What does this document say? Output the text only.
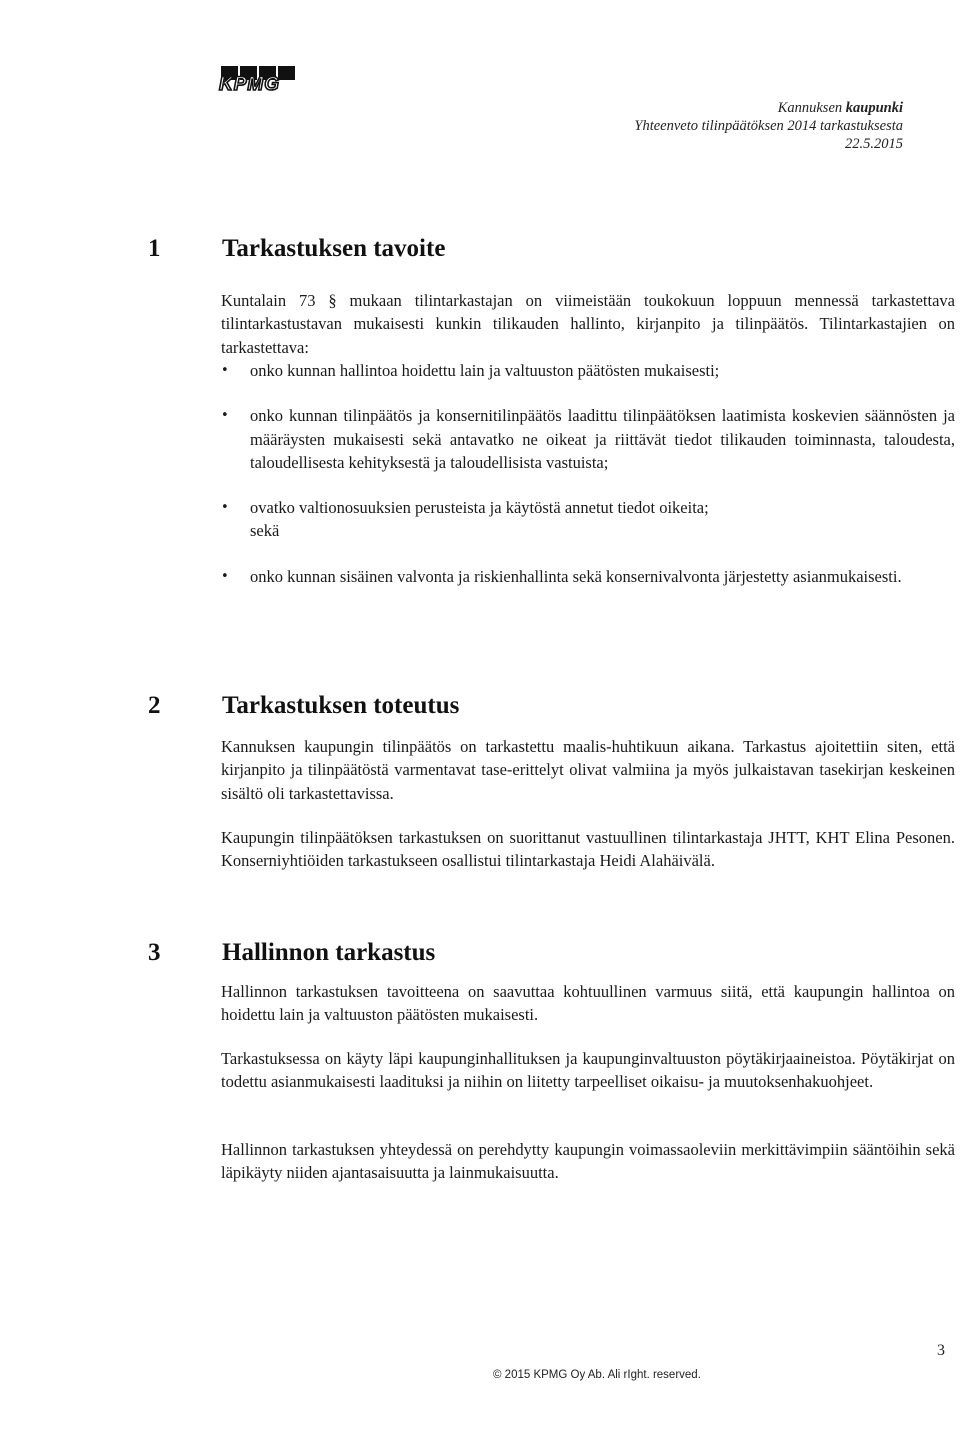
KPMG
Kannuksen kaupunki
Yhteenveto tilinpäätöksen 2014 tarkastuksesta
22.5.2015
1 Tarkastuksen tavoite
Kuntalain 73 § mukaan tilintarkastajan on viimeistään toukokuun loppuun mennessä tarkastettava tilintarkastustavan mukaisesti kunkin tilikauden hallinto, kirjanpito ja tilinpäätös. Tilintarkastajien on tarkastettava:
• onko kunnan hallintoa hoidettu lain ja valtuuston päätösten mukaisesti;
• onko kunnan tilinpäätös ja konsernitilinpäätös laadittu tilinpäätöksen laatimista koskevien säännösten ja määräysten mukaisesti sekä antavatko ne oikeat ja riittävät tiedot tilikauden toiminnasta, taloudesta, taloudellisesta kehityksestä ja taloudellisista vastuista;
• ovatko valtionosuuksien perusteista ja käytöstä annetut tiedot oikeita;
sekä
• onko kunnan sisäinen valvonta ja riskienhallinta sekä konsernivalvonta järjestetty asianmukaisesti.
2 Tarkastuksen toteutus
Kannuksen kaupungin tilinpäätös on tarkastettu maalis-huhtikuun aikana. Tarkastus ajoitettiin siten, että kirjanpito ja tilinpäätöstä varmentavat tase-erittelyt olivat valmiina ja myös julkaistavan tasekirjan keskeinen sisältö oli tarkastettavissa.
Kaupungin tilinpäätöksen tarkastuksen on suorittanut vastuullinen tilintarkastaja JHTT, KHT Elina Pesonen. Konserniyhtiöiden tarkastukseen osallistui tilintarkastaja Heidi Alahäivälä.
3 Hallinnon tarkastus
Hallinnon tarkastuksen tavoitteena on saavuttaa kohtuullinen varmuus siitä, että kaupungin hallintoa on hoidettu lain ja valtuuston päätösten mukaisesti.
Tarkastuksessa on käyty läpi kaupunginhallituksen ja kaupunginvaltuuston pöytäkirjaaineistoa. Pöytäkirjat on todettu asianmukaisesti laadituksi ja niihin on liitetty tarpeelliset oikaisu- ja muutoksenhakuohjeet.
Hallinnon tarkastuksen yhteydessä on perehdytty kaupungin voimassaoleviin merkittävimpiin sääntöihin sekä läpikäyty niiden ajantasaisuutta ja lainmukaisuutta.
3
© 2015 KPMG Oy Ab. Ali rIght. reserved.
